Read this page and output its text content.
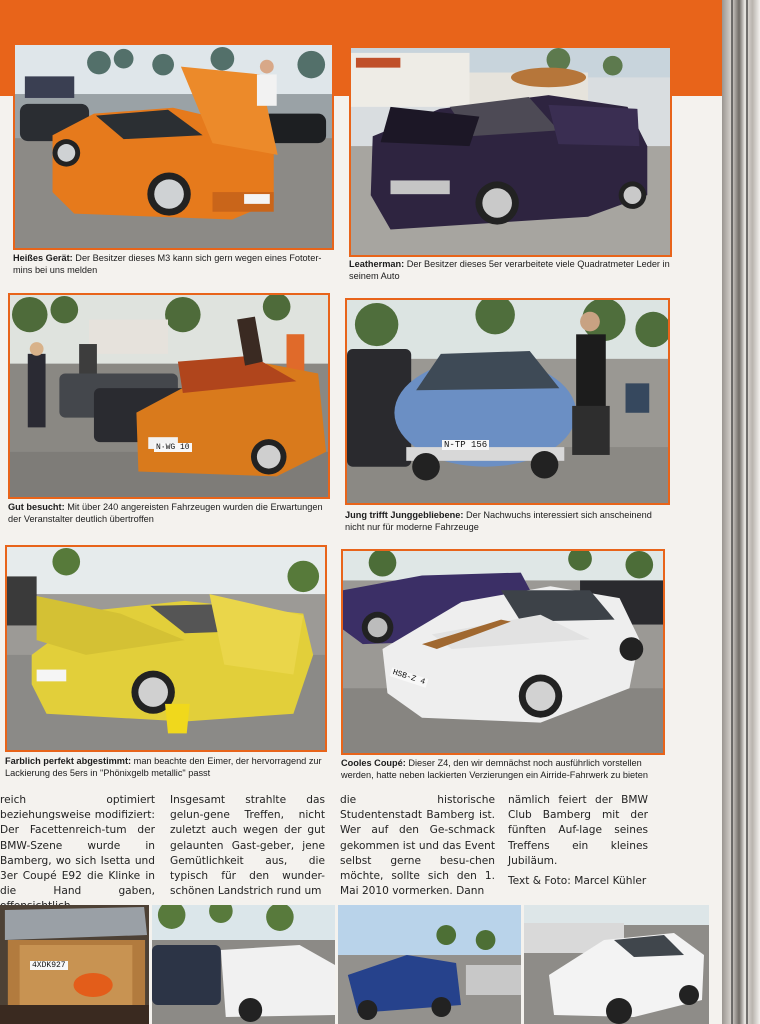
Heißes Gerät: Der Besitzer dieses M3 kann sich gern wegen eines Fototer-mins bei uns melden
Leatherman: Der Besitzer dieses 5er verarbeitete viele Quadratmeter Leder in seinem Auto
N·WG 10
Gut besucht: Mit über 240 angereisten Fahrzeugen wurden die Erwartungen der Veranstalter deutlich übertroffen
N-TP 156
Jung trifft Junggebliebene: Der Nachwuchs interessiert sich anscheinend nicht nur für moderne Fahrzeuge
Farblich perfekt abgestimmt: man beachte den Eimer, der hervorragend zur Lackierung des 5ers in "Phönixgelb metallic" passt
HSB-Z 4
Cooles Coupé: Dieser Z4, den wir demnächst noch ausführlich vorstellen werden, hatte neben lackierten Verzierungen ein Airride-Fahrwerk zu bieten
reich optimiert beziehungsweise modifiziert: Der Facettenreich-tum der BMW-Szene wurde in Bamberg, wo sich Isetta und 3er Coupé E92 die Klinke in die Hand gaben,
Insgesamt strahlte das gelun-gene Treffen, nicht zuletzt auch wegen der gut gelaunten Gast-geber, jene Gemütlichkeit aus, die typisch für den wunder-schönen Landstrich rund um
die historische Studentenstadt Bamberg ist. Wer auf den Ge-schmack gekommen ist und das Event selbst gerne besu-chen möchte, sollte sich den 1. Mai 2010 vormerken. Dann
nämlich feiert der BMW Club Bamberg mit der fünften Auf-lage seines Treffens ein kleines Jubiläum.
Text & Foto: Marcel Kühler
4XDK927
